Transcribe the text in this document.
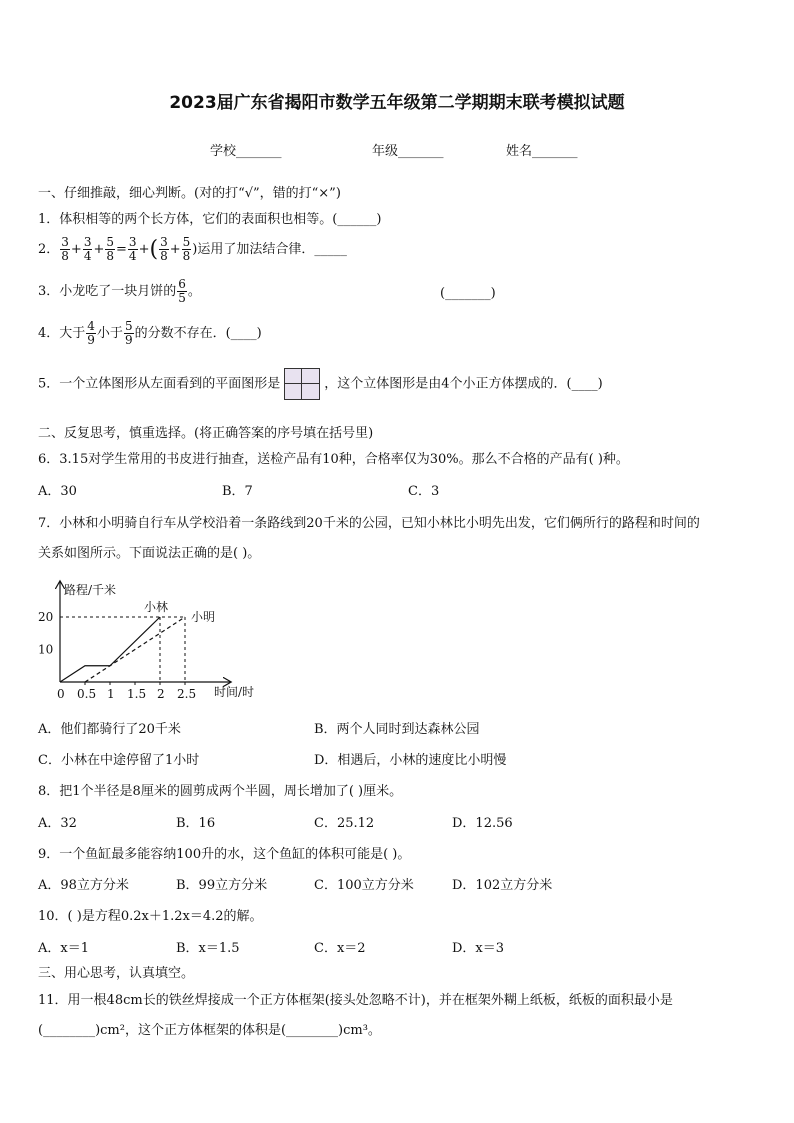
2023届广东省揭阳市数学五年级第二学期期末联考模拟试题
学校_______	年级_______	姓名_______
一、仔细推敲，细心判断。(对的打“√”，错的打“×”)
1．体积相等的两个长方体，它们的表面积也相等。(______)
2． $\frac{3}{8} + \frac{3}{4} + \frac{5}{8} = \frac{3}{4}$ +( $\frac{3}{8} + \frac{5}{8}$ )运用了加法结合律．_____
3．小龙吃了一块月饼的 $\frac{6}{5}$ 。	(_______)
4．大于 $\frac{4}{9}$ 小于 $\frac{5}{9}$ 的分数不存在．(____)
5．一个立体图形从左面看到的平面图形是	，这个立体图形是由4个小正方体摆成的．(____)
二、反复思考，慎重选择。(将正确答案的序号填在括号里)
6．3.15对学生常用的书皮进行抽查，送检产品有10种，合格率仅为30%。那么不合格的产品有( )种。
A．30	B．7	C．3
7．小林和小明骑自行车从学校沿着一条路线到20千米的公园，已知小林比小明先出发，它们俩所行的路程和时间的
关系如图所示。下面说法正确的是( )。
路程/千米
时间/时
0 0.5 1 1.5 2 2.5
10
20
小林
小明
A．他们都骑行了20千米	B．两个人同时到达森林公园
C．小林在中途停留了1小时	D．相遇后，小林的速度比小明慢
8．把1个半径是8厘米的圆剪成两个半圆，周长增加了( )厘米。
A．32	B．16	C．25.12	D．12.56
9．一个鱼缸最多能容纳100升的水，这个鱼缸的体积可能是( )。
A．98立方分米	B．99立方分米	C．100立方分米	D．102立方分米
10．( )是方程0.2x＋1.2x＝4.2的解。
A．x＝1	B．x＝1.5	C．x＝2	D．x＝3
三、用心思考，认真填空。
11．用一根48cm长的铁丝焊接成一个正方体框架(接头处忽略不计)，并在框架外糊上纸板，纸板的面积最小是
(________)cm²，这个正方体框架的体积是(________)cm³。
